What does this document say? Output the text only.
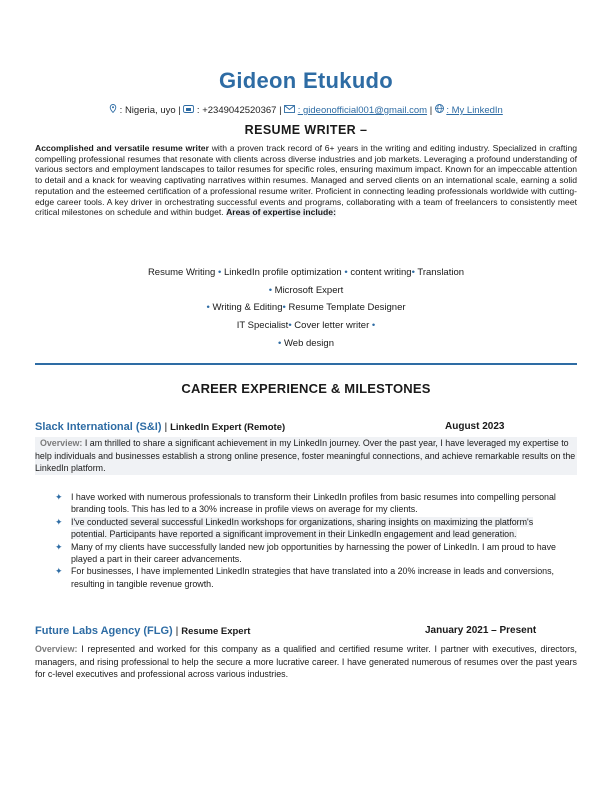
Gideon Etukudo
: Nigeria, uyo |  : +2349042520367 |  : gideonofficial001@gmail.com |  : My LinkedIn
RESUME WRITER –
Accomplished and versatile resume writer with a proven track record of 6+ years in the writing and editing industry. Specialized in crafting compelling professional resumes that resonate with clients across diverse industries and job markets. Leveraging a profound understanding of various sectors and employment landscapes to tailor resumes for specific roles, ensuring maximum impact. Known for an impeccable attention to detail and a knack for weaving captivating narratives within resumes. Managed and served clients on an international scale, earning a solid reputation and the esteemed certification of a professional resume writer. Proficient in connecting leading professionals worldwide with cutting-edge career tools. A key driver in orchestrating successful events and programs, collaborating with a team of freelancers to consistently meet critical milestones on schedule and within budget. Areas of expertise include:
Resume Writing • LinkedIn profile optimization • content writing• Translation
• Microsoft Expert
• Writing & Editing• Resume Template Designer
IT Specialist• Cover letter writer •
• Web design
CAREER EXPERIENCE & MILESTONES
Slack International (S&I) | LinkedIn Expert (Remote)	August 2023
Overview: I am thrilled to share a significant achievement in my LinkedIn journey. Over the past year, I have leveraged my expertise to help individuals and businesses establish a strong online presence, foster meaningful connections, and achieve remarkable results on the LinkedIn platform.
✦ I have worked with numerous professionals to transform their LinkedIn profiles from basic resumes into compelling personal branding tools. This has led to a 30% increase in profile views on average for my clients.
✦ I've conducted several successful LinkedIn workshops for organizations, sharing insights on maximizing the platform's potential. Participants have reported a significant improvement in their LinkedIn engagement and lead generation.
✦ Many of my clients have successfully landed new job opportunities by harnessing the power of LinkedIn. I am proud to have played a part in their career advancements.
✦ For businesses, I have implemented LinkedIn strategies that have translated into a 20% increase in leads and conversions, resulting in tangible revenue growth.
Future Labs Agency (FLG) | Resume Expert	January 2021 – Present
Overview: I represented and worked for this company as a qualified and certified resume writer. I partner with executives, directors, managers, and rising professional to help the secure a more lucrative career. I have generated numerous of resumes over the past years for c-level executives and professional across various industries.
